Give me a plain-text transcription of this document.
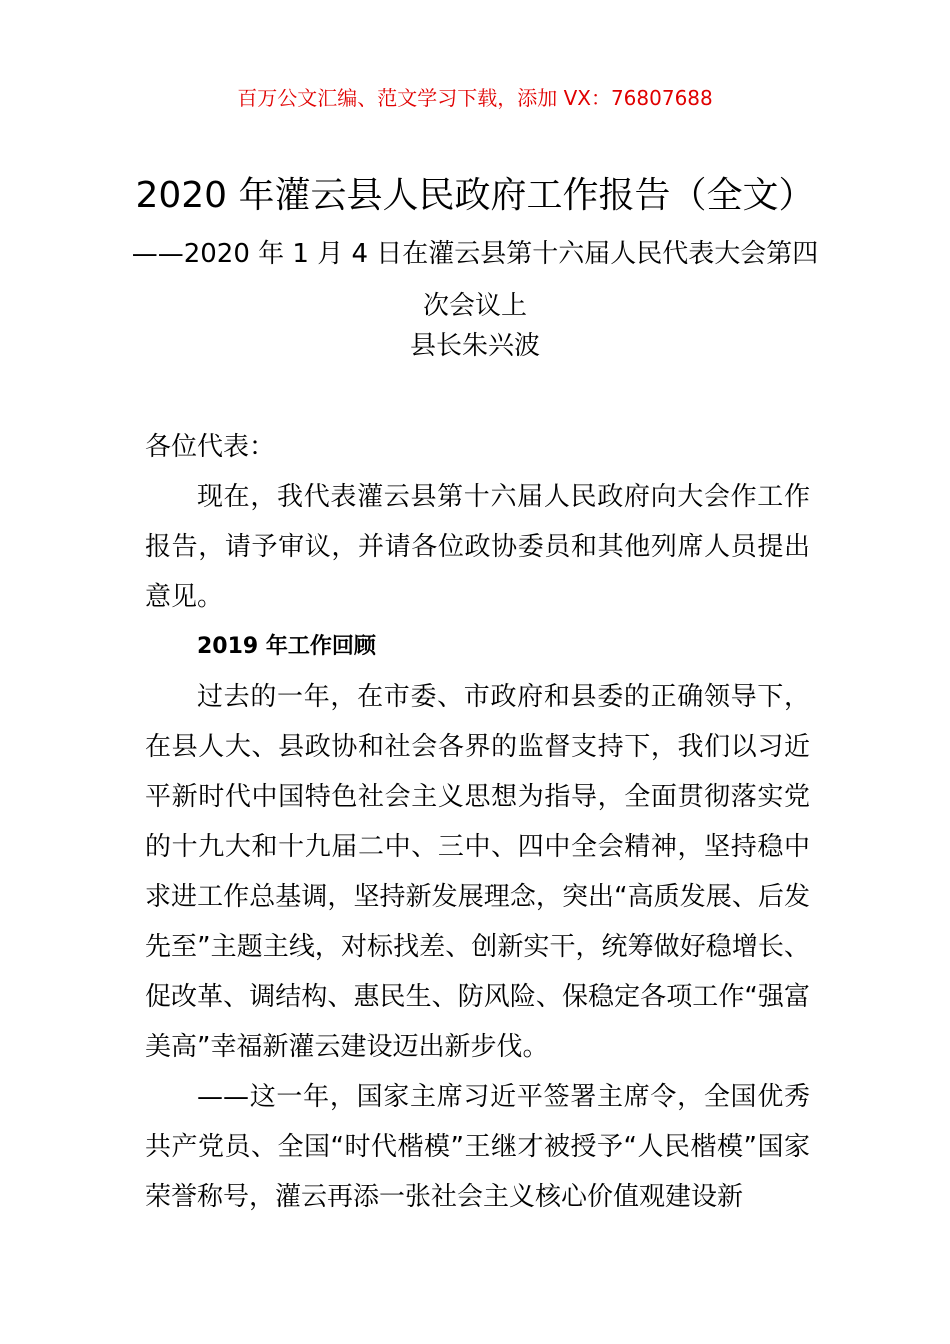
百万公文汇编、范文学习下载，添加 VX：76807688
2020 年灌云县人民政府工作报告（全文）
——2020 年 1 月 4 日在灌云县第十六届人民代表大会第四次会议上
县长朱兴波

各位代表：

现在，我代表灌云县第十六届人民政府向大会作工作报告，请予审议，并请各位政协委员和其他列席人员提出意见。

2019 年工作回顾

过去的一年，在市委、市政府和县委的正确领导下，在县人大、县政协和社会各界的监督支持下，我们以习近平新时代中国特色社会主义思想为指导，全面贯彻落实党的十九大和十九届二中、三中、四中全会精神，坚持稳中求进工作总基调，坚持新发展理念，突出“高质发展、后发先至”主题主线，对标找差、创新实干，统筹做好稳增长、促改革、调结构、惠民生、防风险、保稳定各项工作“强富美高”幸福新灌云建设迈出新步伐。

——这一年，国家主席习近平签署主席令，全国优秀共产党员、全国“时代楷模”王继才被授予“人民楷模”国家荣誉称号，灌云再添一张社会主义核心价值观建设新
